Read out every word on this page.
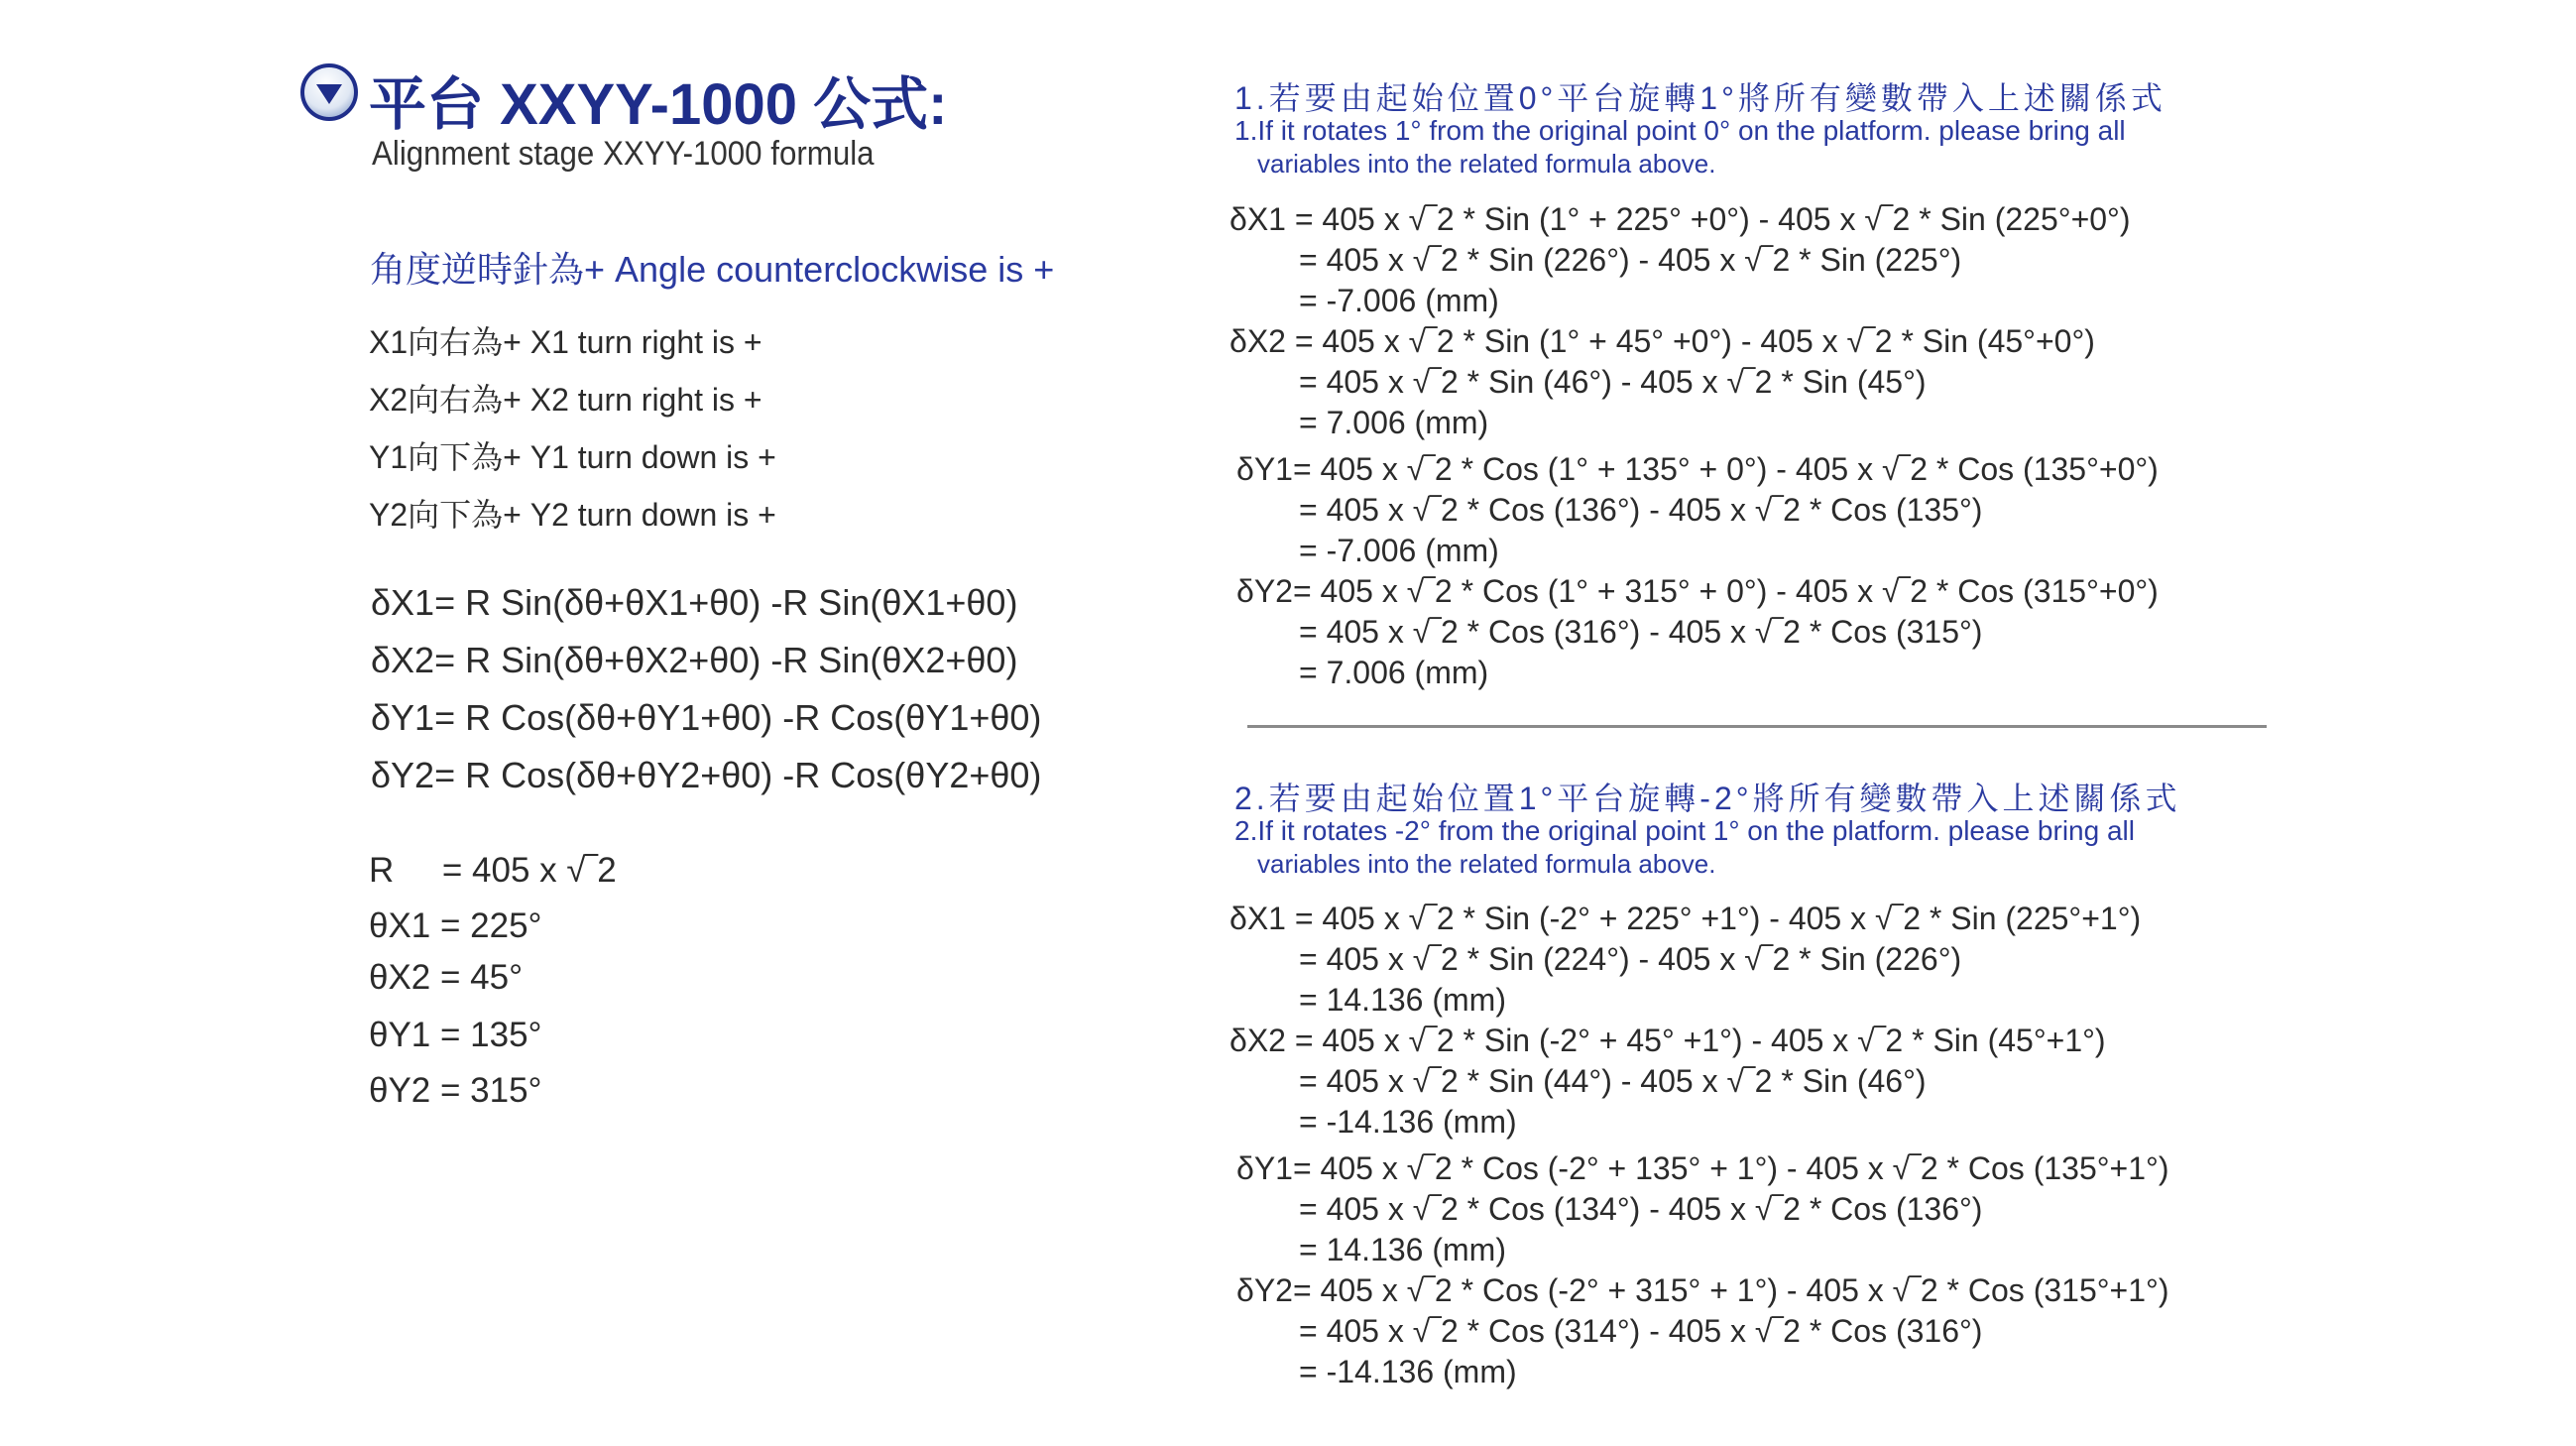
平台 XXYY-1000 公式:
Alignment stage XXYY-1000 formula
角度逆時針為+ Angle counterclockwise is +
X1向右為+ X1 turn right is +
X2向右為+ X2 turn right is +
Y1向下為+ Y1 turn down is +
Y2向下為+ Y2 turn down is +
δX1= R Sin(δθ+θX1+θ0) -R Sin(θX1+θ0)
δX2= R Sin(δθ+θX2+θ0) -R Sin(θX2+θ0)
δY1= R Cos(δθ+θY1+θ0) -R Cos(θY1+θ0)
δY2= R Cos(δθ+θY2+θ0) -R Cos(θY2+θ0)
R     = 405 x √‾2
θX1 = 225°
θX2 = 45°
θY1 = 135°
θY2 = 315°
1.若要由起始位置0°平台旋轉1°將所有變數帶入上述關係式
1.If it rotates 1° from the original point 0° on the platform. please bring all
variables into the related formula above.
δX1 = 405 x √‾2 * Sin (1° + 225° +0°) - 405 x √‾2 * Sin (225°+0°)
= 405 x √‾2 * Sin (226°) - 405 x √‾2 * Sin (225°)
= -7.006 (mm)
δX2 = 405 x √‾2 * Sin (1° + 45° +0°) - 405 x √‾2 * Sin (45°+0°)
= 405 x √‾2 * Sin (46°) - 405 x √‾2 * Sin (45°)
= 7.006 (mm)
δY1= 405 x √‾2 * Cos (1° + 135° + 0°) - 405 x √‾2 * Cos (135°+0°)
= 405 x √‾2 * Cos (136°) - 405 x √‾2 * Cos (135°)
= -7.006 (mm)
δY2= 405 x √‾2 * Cos (1° + 315° + 0°) - 405 x √‾2 * Cos (315°+0°)
= 405 x √‾2 * Cos (316°) - 405 x √‾2 * Cos (315°)
= 7.006 (mm)
2.若要由起始位置1°平台旋轉-2°將所有變數帶入上述關係式
2.If it rotates -2° from the original point 1° on the platform. please bring all
variables into the related formula above.
δX1 = 405 x √‾2 * Sin (-2° + 225° +1°) - 405 x √‾2 * Sin (225°+1°)
= 405 x √‾2 * Sin (224°) - 405 x √‾2 * Sin (226°)
= 14.136 (mm)
δX2 = 405 x √‾2 * Sin (-2° + 45° +1°) - 405 x √‾2 * Sin (45°+1°)
= 405 x √‾2 * Sin (44°) - 405 x √‾2 * Sin (46°)
= -14.136 (mm)
δY1= 405 x √‾2 * Cos (-2° + 135° + 1°) - 405 x √‾2 * Cos (135°+1°)
= 405 x √‾2 * Cos (134°) - 405 x √‾2 * Cos (136°)
= 14.136 (mm)
δY2= 405 x √‾2 * Cos (-2° + 315° + 1°) - 405 x √‾2 * Cos (315°+1°)
= 405 x √‾2 * Cos (314°) - 405 x √‾2 * Cos (316°)
= -14.136 (mm)
